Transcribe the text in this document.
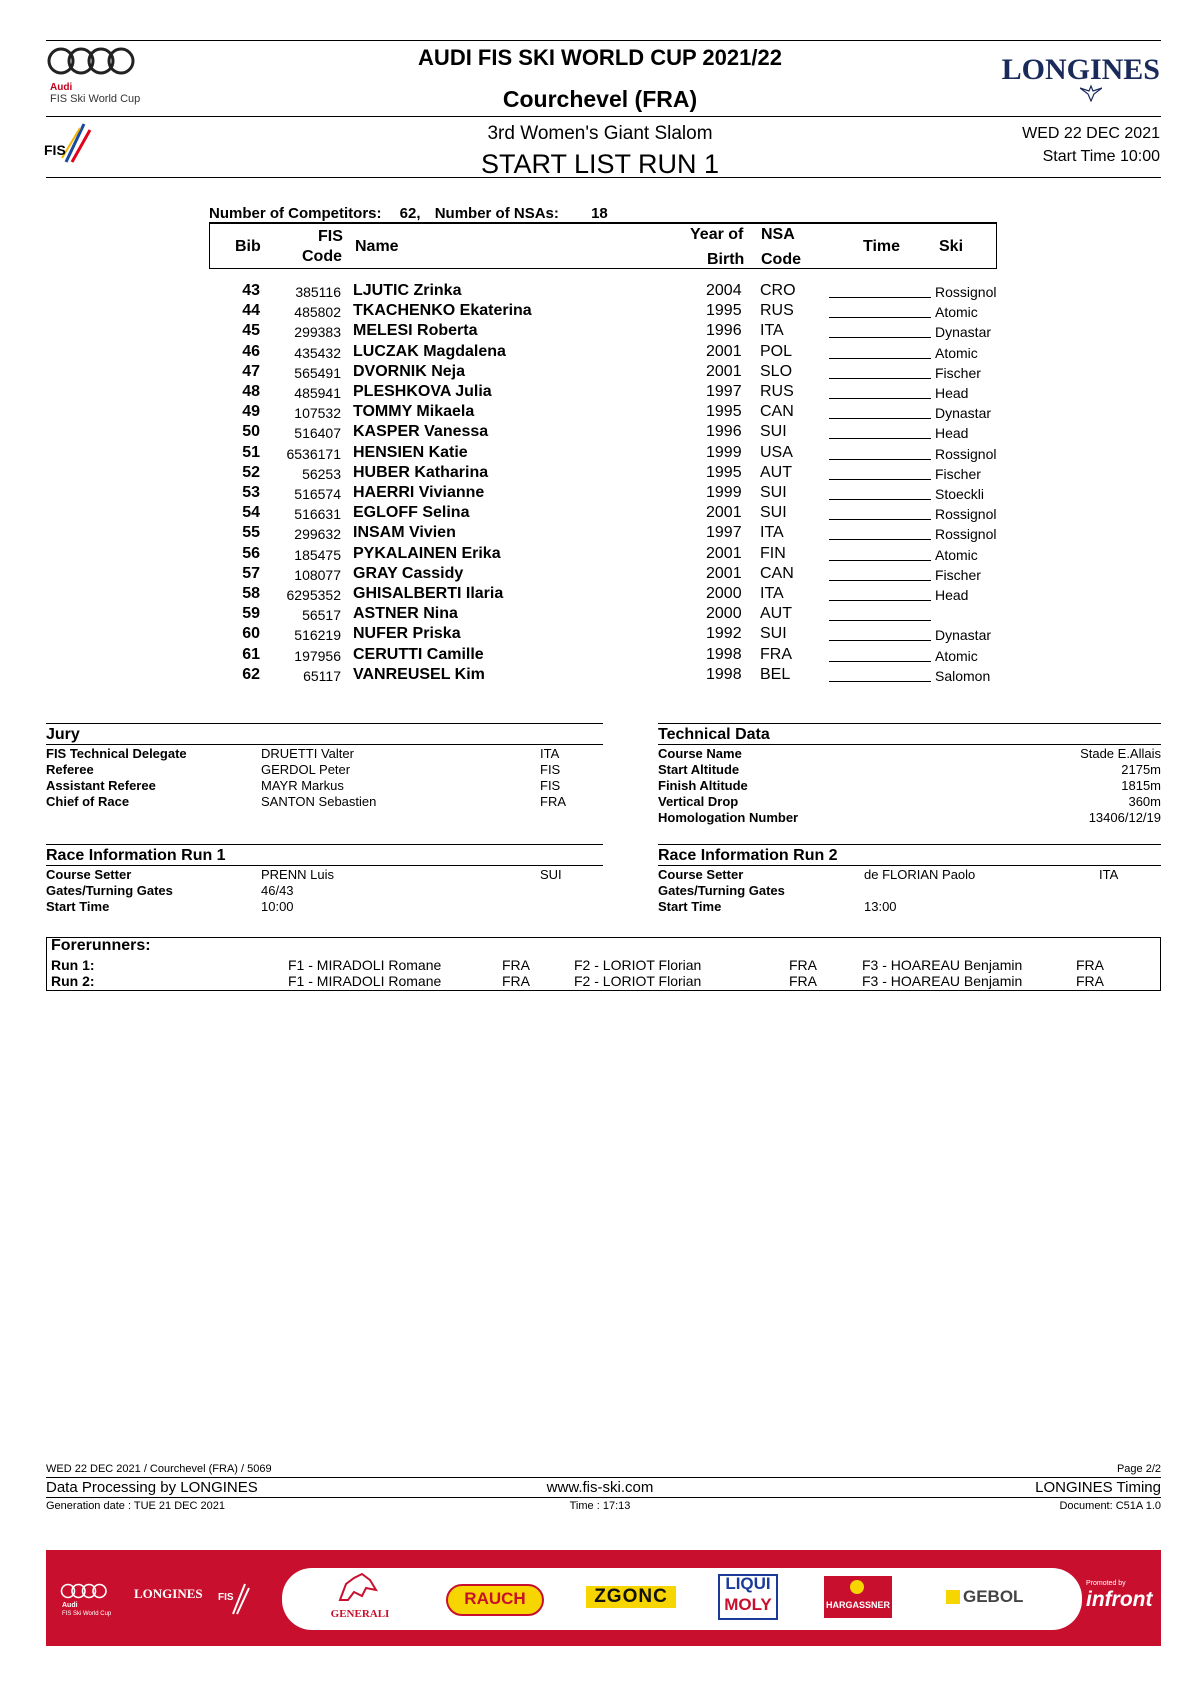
Audi
FIS Ski World Cup
AUDI FIS SKI WORLD CUP 2021/22
Courchevel (FRA)
LONGINES
FIS
3rd Women's Giant Slalom
START LIST RUN 1
WED 22 DEC 2021
Start Time 10:00
Number of Competitors: 62, Number of NSAs: 18
Bib
FIS
Code
Name
Year of
Birth
NSA
Code
Time Ski
43	385116 LJUTIC Zrinka	2004 CRO	Rossignol
44	485802 TKACHENKO Ekaterina	1995 RUS	Atomic
45	299383 MELESI Roberta	1996 ITA	Dynastar
46	435432 LUCZAK Magdalena	2001 POL	Atomic
47	565491 DVORNIK Neja	2001 SLO	Fischer
48	485941 PLESHKOVA Julia	1997 RUS	Head
49	107532 TOMMY Mikaela	1995 CAN	Dynastar
50	516407 KASPER Vanessa	1996 SUI	Head
51	6536171 HENSIEN Katie	1999 USA	Rossignol
52	56253 HUBER Katharina	1995 AUT	Fischer
53	516574 HAERRI Vivianne	1999 SUI	Stoeckli
54	516631 EGLOFF Selina	2001 SUI	Rossignol
55	299632 INSAM Vivien	1997 ITA	Rossignol
56	185475 PYKALAINEN Erika	2001 FIN	Atomic
57	108077 GRAY Cassidy	2001 CAN	Fischer
58	6295352 GHISALBERTI Ilaria	2000 ITA	Head
59	56517 ASTNER Nina	2000 AUT
60	516219 NUFER Priska	1992 SUI	Dynastar
61	197956 CERUTTI Camille	1998 FRA	Atomic
62	65117 VANREUSEL Kim	1998 BEL	Salomon
Jury
FIS Technical Delegate	DRUETTI Valter	ITA
Referee	GERDOL Peter	FIS
Assistant Referee	MAYR Markus	FIS
Chief of Race	SANTON Sebastien	FRA
Technical Data
Course Name	Stade E.Allais
Start Altitude	2175m
Finish Altitude	1815m
Vertical Drop	360m
Homologation Number	13406/12/19
Race Information Run 1
Course Setter	PRENN Luis	SUI
Gates/Turning Gates	46/43
Start Time	10:00
Race Information Run 2
Course Setter	de FLORIAN Paolo	ITA
Gates/Turning Gates
Start Time	13:00
Forerunners:
Run 1:	F1 - MIRADOLI Romane	FRA	F2 - LORIOT Florian	FRA	F3 - HOAREAU Benjamin	FRA
Run 2:	F1 - MIRADOLI Romane	FRA	F2 - LORIOT Florian	FRA	F3 - HOAREAU Benjamin	FRA
WED 22 DEC 2021 / Courchevel (FRA) / 5069	Page 2/2
Data Processing by LONGINES	www.fis-ski.com	LONGINES Timing
Generation date : TUE 21 DEC 2021	Time : 17:13	Document: C51A 1.0
Audi
FIS Ski World Cup
LONGINES FIS
GENERALI
RAUCH	ZGONC
LIQUI
MOLY	HARGASSNER	GEBOL
Promoted by
infront
